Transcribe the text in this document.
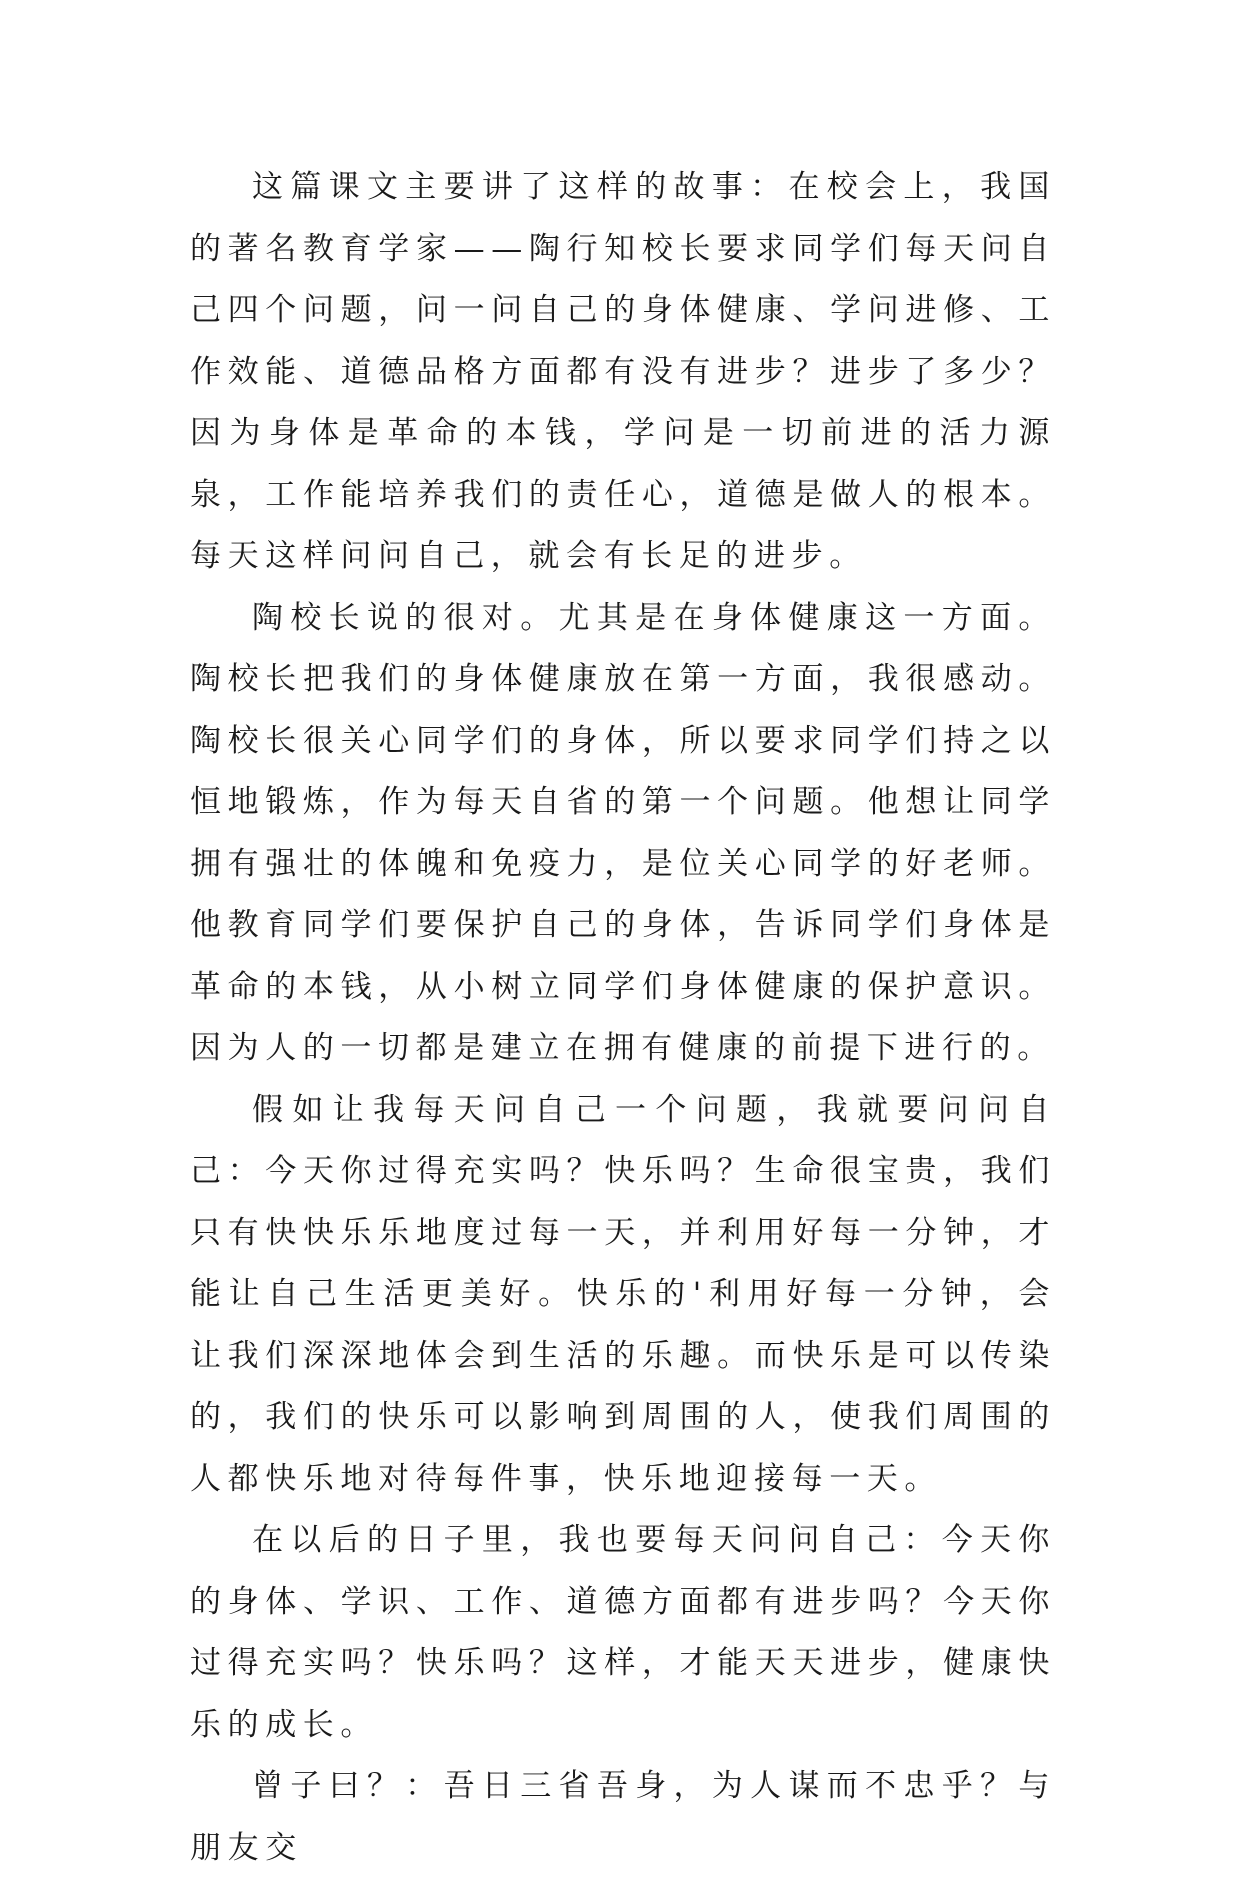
这篇课文主要讲了这样的故事：在校会上，我国的著名教育学家——陶行知校长要求同学们每天问自己四个问题，问一问自己的身体健康、学问进修、工作效能、道德品格方面都有没有进步？进步了多少？因为身体是革命的本钱，学问是一切前进的活力源泉，工作能培养我们的责任心，道德是做人的根本。每天这样问问自己，就会有长足的进步。

陶校长说的很对。尤其是在身体健康这一方面。陶校长把我们的身体健康放在第一方面，我很感动。陶校长很关心同学们的身体，所以要求同学们持之以恒地锻炼，作为每天自省的第一个问题。他想让同学拥有强壮的体魄和免疫力，是位关心同学的好老师。他教育同学们要保护自己的身体，告诉同学们身体是革命的本钱，从小树立同学们身体健康的保护意识。因为人的一切都是建立在拥有健康的前提下进行的。

假如让我每天问自己一个问题，我就要问问自己：今天你过得充实吗？快乐吗？生命很宝贵，我们只有快快乐乐地度过每一天，并利用好每一分钟，才能让自己生活更美好。快乐的'利用好每一分钟，会让我们深深地体会到生活的乐趣。而快乐是可以传染的，我们的快乐可以影响到周围的人，使我们周围的人都快乐地对待每件事，快乐地迎接每一天。

在以后的日子里，我也要每天问问自己：今天你的身体、学识、工作、道德方面都有进步吗？今天你过得充实吗？快乐吗？这样，才能天天进步，健康快乐的成长。

曾子曰？：吾日三省吾身，为人谋而不忠乎？与朋友交
